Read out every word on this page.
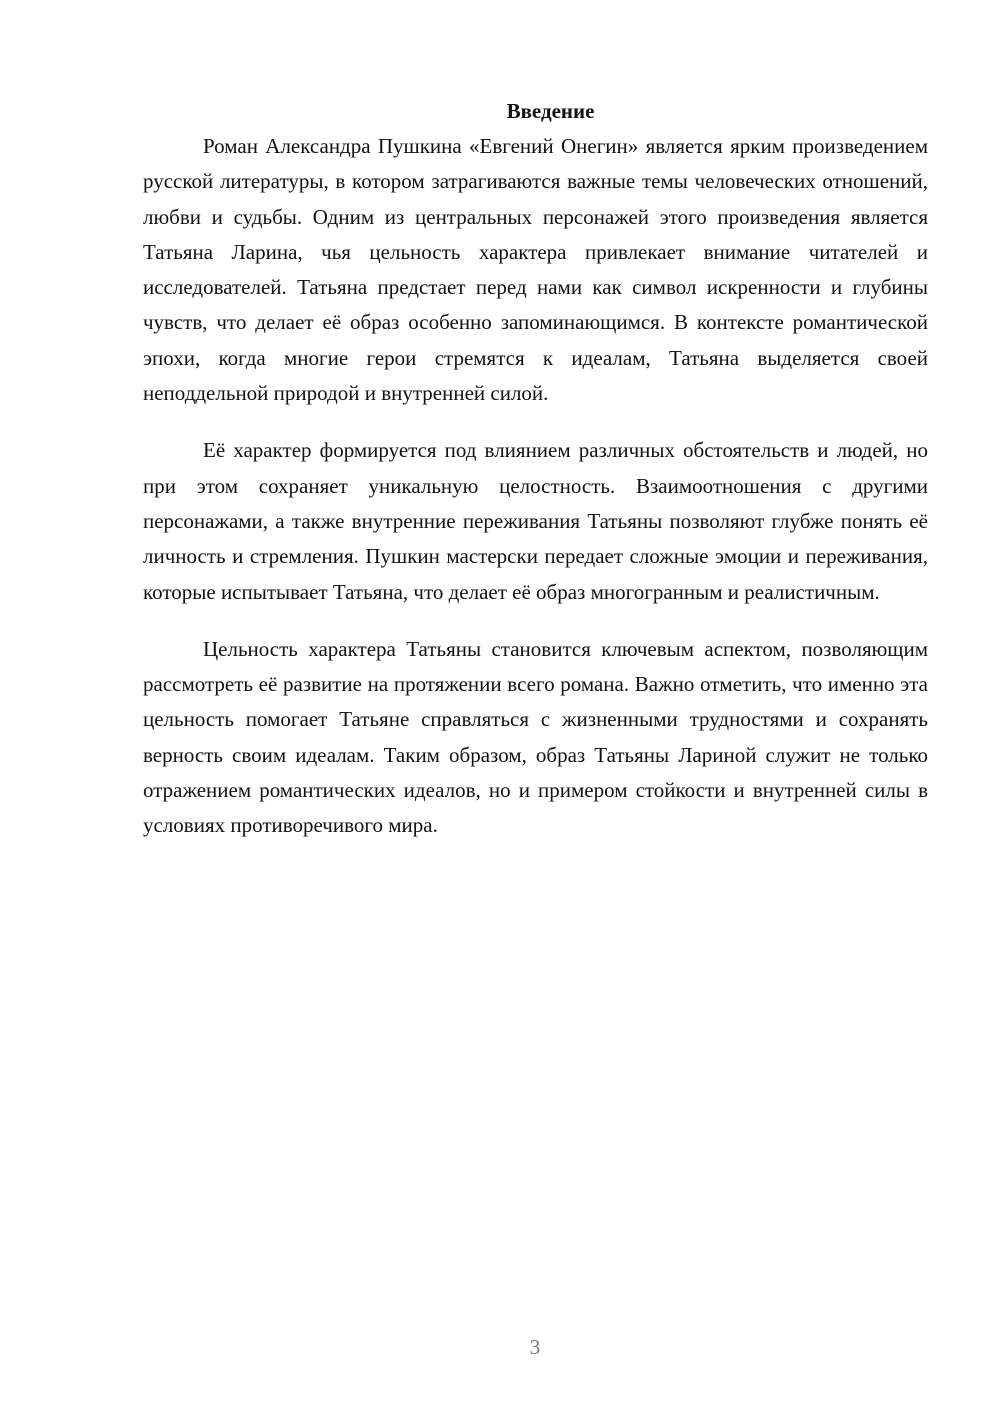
Введение

Роман Александра Пушкина «Евгений Онегин» является ярким произведением русской литературы, в котором затрагиваются важные темы человеческих отношений, любви и судьбы. Одним из центральных персонажей этого произведения является Татьяна Ларина, чья цельность характера привлекает внимание читателей и исследователей. Татьяна предстает перед нами как символ искренности и глубины чувств, что делает её образ особенно запоминающимся. В контексте романтической эпохи, когда многие герои стремятся к идеалам, Татьяна выделяется своей неподдельной природой и внутренней силой.

Её характер формируется под влиянием различных обстоятельств и людей, но при этом сохраняет уникальную целостность. Взаимоотношения с другими персонажами, а также внутренние переживания Татьяны позволяют глубже понять её личность и стремления. Пушкин мастерски передает сложные эмоции и переживания, которые испытывает Татьяна, что делает её образ многогранным и реалистичным.

Цельность характера Татьяны становится ключевым аспектом, позволяющим рассмотреть её развитие на протяжении всего романа. Важно отметить, что именно эта цельность помогает Татьяне справляться с жизненными трудностями и сохранять верность своим идеалам. Таким образом, образ Татьяны Лариной служит не только отражением романтических идеалов, но и примером стойкости и внутренней силы в условиях противоречивого мира.

3
